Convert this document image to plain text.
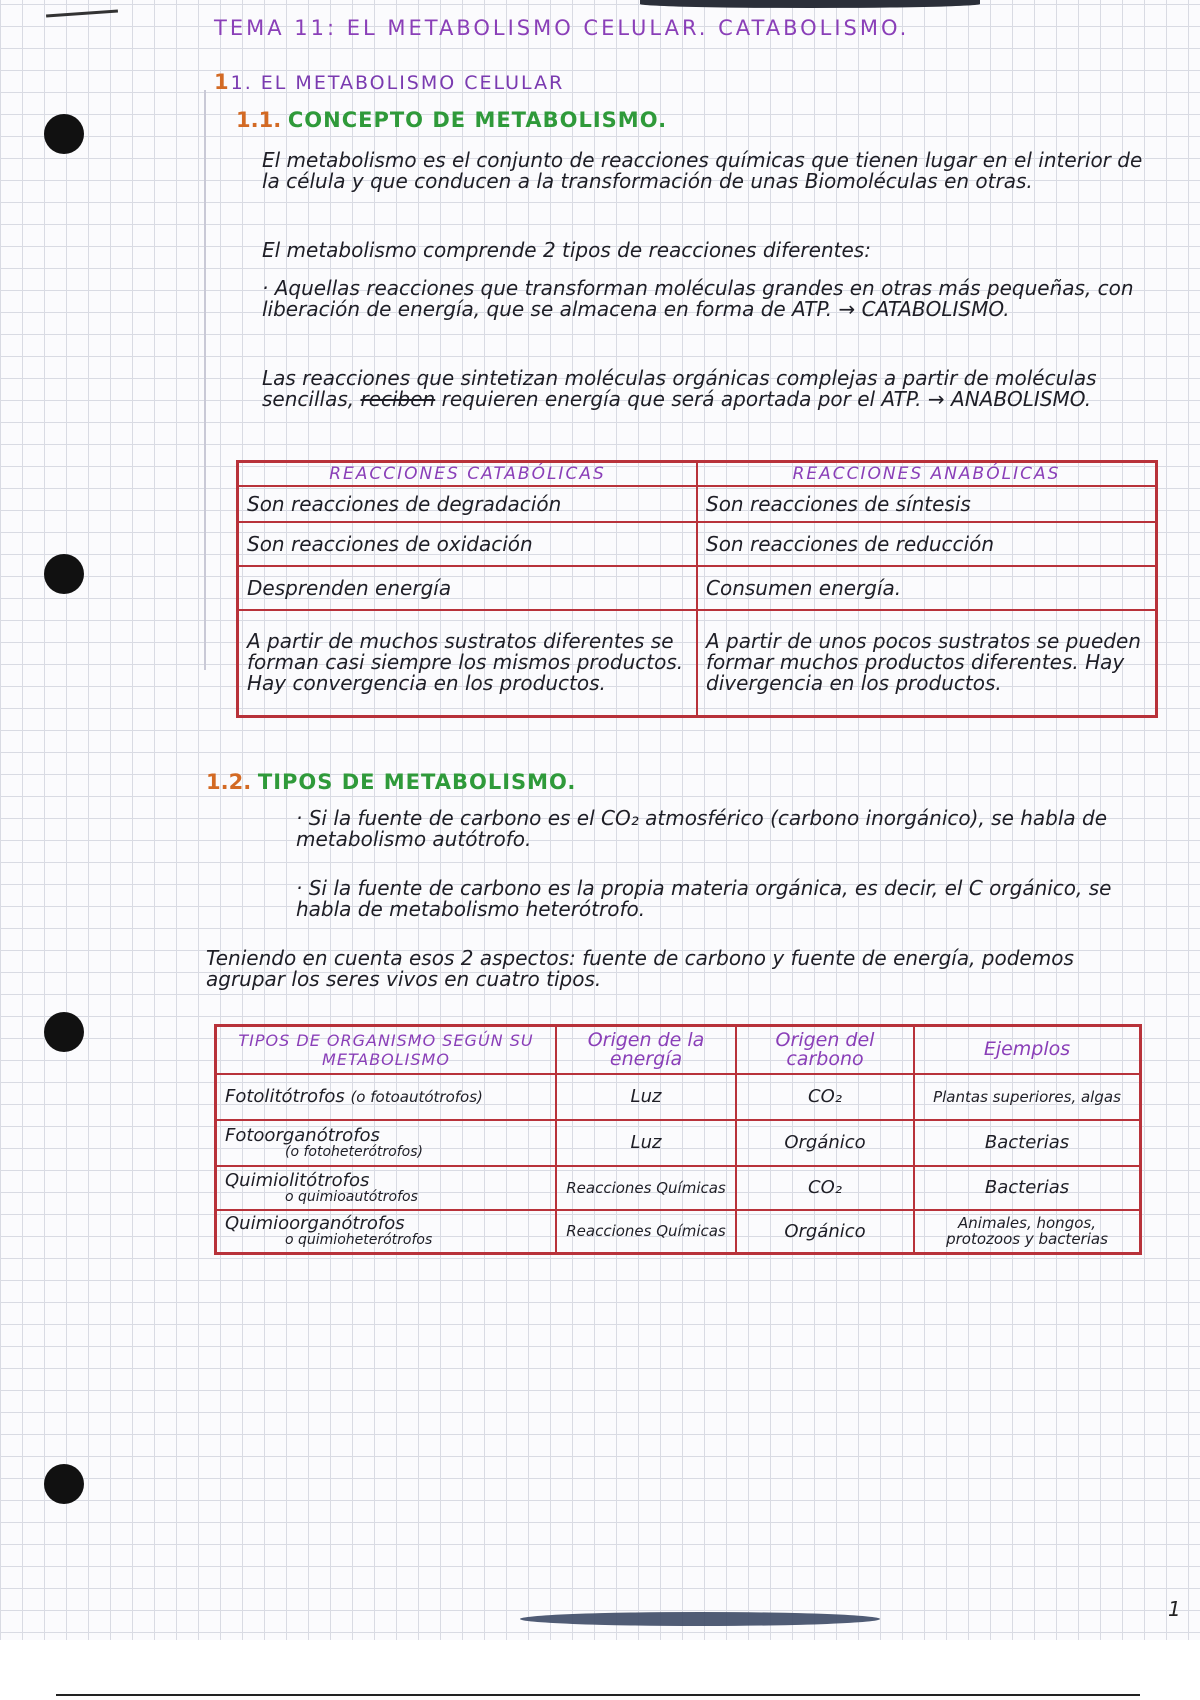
TEMA 11: EL METABOLISMO CELULAR. CATABOLISMO.
11. EL METABOLISMO CELULAR
1.1. CONCEPTO DE METABOLISMO.
El metabolismo es el conjunto de reacciones químicas que tienen lugar en el interior de la célula y que conducen a la transformación de unas Biomoléculas en otras.
El metabolismo comprende 2 tipos de reacciones diferentes:
· Aquellas reacciones que transforman moléculas grandes en otras más pequeñas, con liberación de energía, que se almacena en forma de ATP. → CATABOLISMO.
Las reacciones que sintetizan moléculas orgánicas complejas a partir de moléculas sencillas, reciben requieren energía que será aportada por el ATP. → ANABOLISMO.
REACCIONES CATABÓLICAS	REACCIONES ANABÓLICAS
Son reacciones de degradación	Son reacciones de síntesis
Son reacciones de oxidación	Son reacciones de reducción
Desprenden energía	Consumen energía.
A partir de muchos sustratos diferentes se forman casi siempre los mismos productos. Hay convergencia en los productos.	A partir de unos pocos sustratos se pueden formar muchos productos diferentes. Hay divergencia en los productos.
1.2. TIPOS DE METABOLISMO.
· Si la fuente de carbono es el CO₂ atmosférico (carbono inorgánico), se habla de metabolismo autótrofo.
· Si la fuente de carbono es la propia materia orgánica, es decir, el C orgánico, se habla de metabolismo heterótrofo.
Teniendo en cuenta esos 2 aspectos: fuente de carbono y fuente de energía, podemos agrupar los seres vivos en cuatro tipos.
TIPOS DE ORGANISMO SEGÚN SU METABOLISMO	Origen de la energía	Origen del carbono	Ejemplos
Fotolitótrofos (o fotoautótrofos)	Luz	CO₂	Plantas superiores, algas
Fotoorganótrofos
(o fotoheterótrofos)	Luz	Orgánico	Bacterias
Quimiolitótrofos
o quimioautótrofos	Reacciones Químicas	CO₂	Bacterias
Quimioorganótrofos
o quimioheterótrofos	Reacciones Químicas	Orgánico	Animales, hongos, protozoos y bacterias
1
